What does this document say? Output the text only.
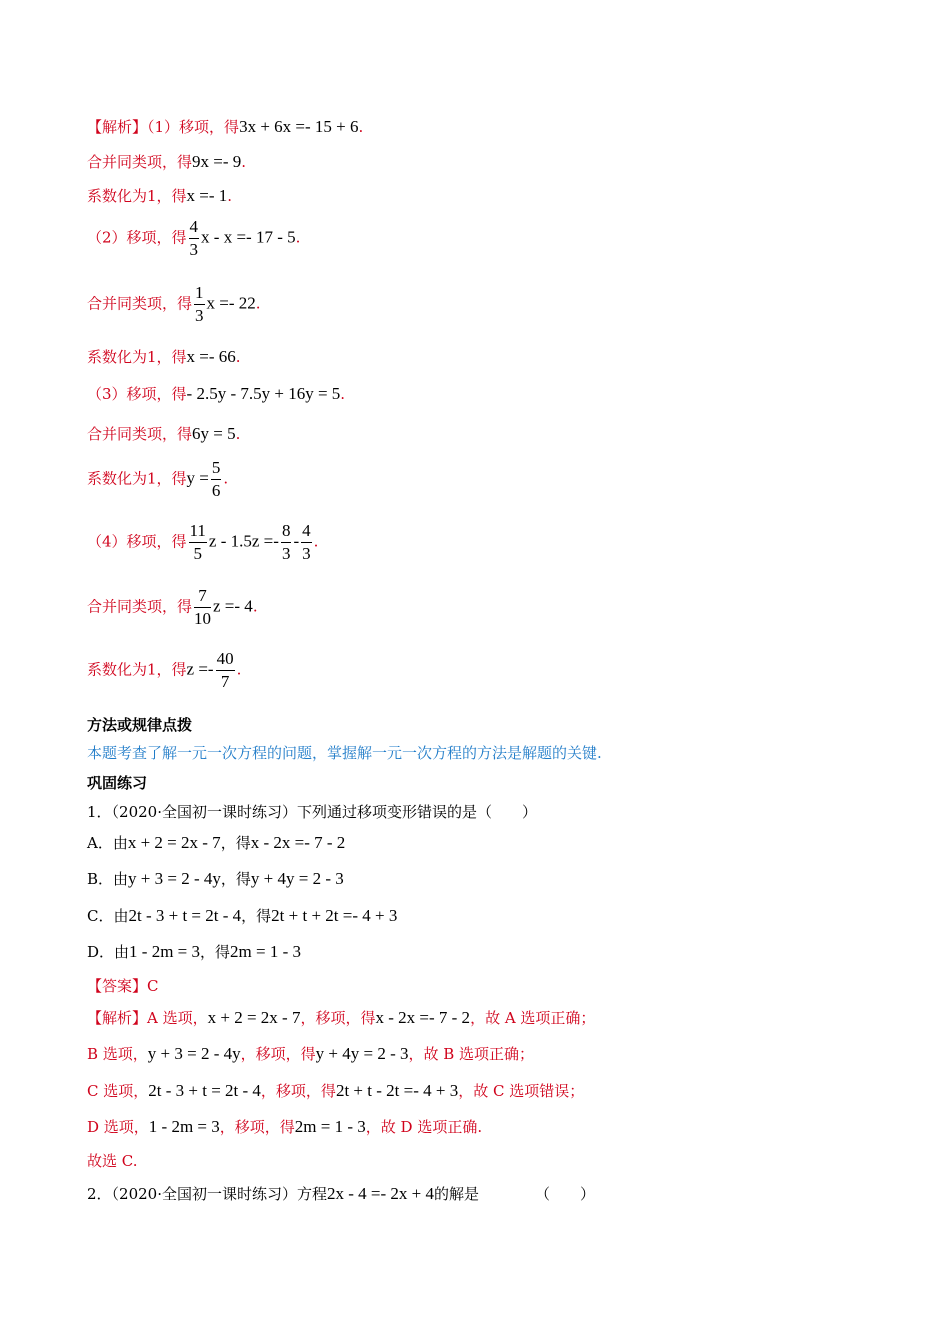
【解析】（1）移项，得3x + 6x =- 15 + 6.
合并同类项，得9x =- 9.
系数化为1，得x =- 1.
（2）移项，得 $\frac{4}{3}$ x - x =- 17 - 5.
合并同类项，得 $\frac{1}{3}$ x =- 22.
系数化为1，得x =- 66.
（3）移项，得- 2.5y - 7.5y + 16y = 5.
合并同类项，得6y = 5.
系数化为1，得$y = \frac{5}{6}$ .
（4）移项，得 $\frac{11}{5}$ $z - 1.5z =- \frac{8}{3} - \frac{4}{3}$ .
合并同类项，得 $\frac{7}{10}$ z =- 4.
系数化为1，得$z =- \frac{40}{7}$ .
方法或规律点拨
本题考查了解一元一次方程的问题，掌握解一元一次方程的方法是解题的关键.
巩固练习
1．（2020·全国初一课时练习）下列通过移项变形错误的是（　　）
A．由x + 2 = 2x - 7，得x - 2x =- 7 - 2
B．由y + 3 = 2 - 4y，得y + 4y = 2 - 3
C．由2t - 3 + t = 2t - 4，得2t + t + 2t =- 4 + 3
D．由1 - 2m = 3，得2m = 1 - 3
【答案】C
【解析】A 选项，x + 2 = 2x - 7，移项，得x - 2x =- 7 - 2，故 A 选项正确；
B 选项，y + 3 = 2 - 4y，移项，得y + 4y = 2 - 3，故 B 选项正确；
C 选项，2t - 3 + t = 2t - 4，移项，得2t + t - 2t =- 4 + 3，故 C 选项错误；
D 选项，1 - 2m = 3，移项，得2m = 1 - 3，故 D 选项正确.
故选 C.
2．（2020·全国初一课时练习）方程2x - 4 =- 2x + 4的解是	（　　）
